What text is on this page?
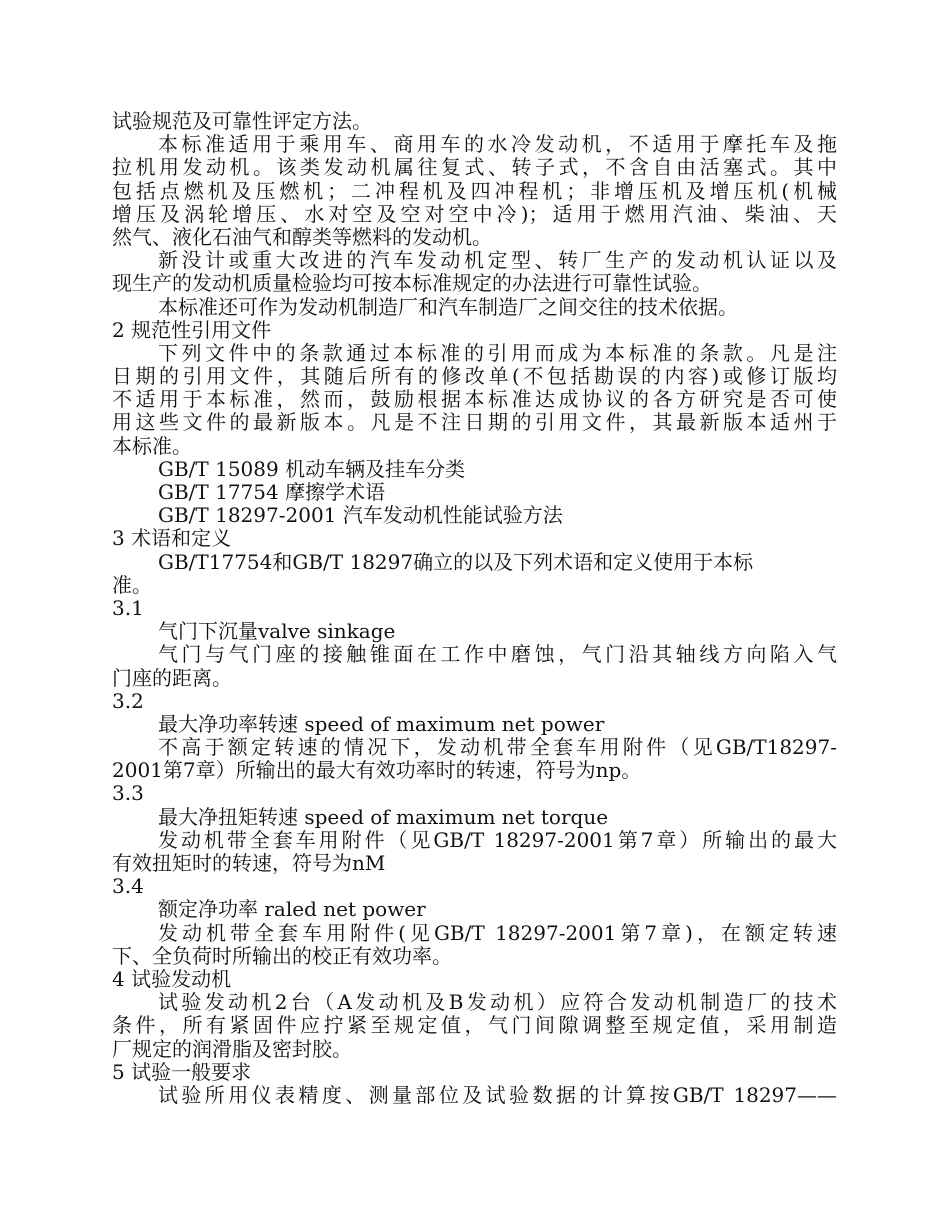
试验规范及可靠性评定方法。
本标准适用于乘用车、商用车的水冷发动机，不适用于摩托车及拖
拉机用发动机。该类发动机属往复式、转子式，不含自由活塞式。其中
包括点燃机及压燃机；二冲程机及四冲程机；非增压机及增压机(机械
增压及涡轮增压、水对空及空对空中冷)；适用于燃用汽油、柴油、天
然气、液化石油气和醇类等燃料的发动机。
新没计或重大改进的汽车发动机定型、转厂生产的发动机认证以及
现生产的发动机质量检验均可按本标准规定的办法进行可靠性试验。
本标准还可作为发动机制造厂和汽车制造厂之间交往的技术依据。
2 规范性引用文件
下列文件中的条款通过本标准的引用而成为本标准的条款。凡是注
日期的引用文件，其随后所有的修改单(不包括勘误的内容)或修订版均
不适用于本标准，然而，鼓励根据本标准达成协议的各方研究是否可使
用这些文件的最新版本。凡是不注日期的引用文件，其最新版本适州于
本标准。
GB/T 15089 机动车辆及挂车分类
GB/T 17754 摩擦学术语
GB/T 18297-2001 汽车发动机性能试验方法
3 术语和定义
GB/T17754和GB/T 18297确立的以及下列术语和定义使用于本标
准。
3.1
气门下沉量valve sinkage
气门与气门座的接触锥面在工作中磨蚀，气门沿其轴线方向陷入气
门座的距离。
3.2
最大净功率转速 speed of maximum net power
不高于额定转速的情况下，发动机带全套车用附件（见GB/T18297-
2001第7章）所输出的最大有效功率时的转速，符号为np。
3.3
最大净扭矩转速 speed of maximum net torque
发动机带全套车用附件（见GB/T 18297-2001第7章）所输出的最大
有效扭矩时的转速，符号为nM
3.4
额定净功率 raled net power
发动机带全套车用附件(见GB/T 18297-2001第7章)，在额定转速
下、全负荷时所输出的校正有效功率。
4 试验发动机
试验发动机2台（A发动机及B发动机）应符合发动机制造厂的技术
条件，所有紧固件应拧紧至规定值，气门间隙调整至规定值，采用制造
厂规定的润滑脂及密封胶。
5 试验一般要求
试验所用仪表精度、测量部位及试验数据的计算按GB/T 18297——
